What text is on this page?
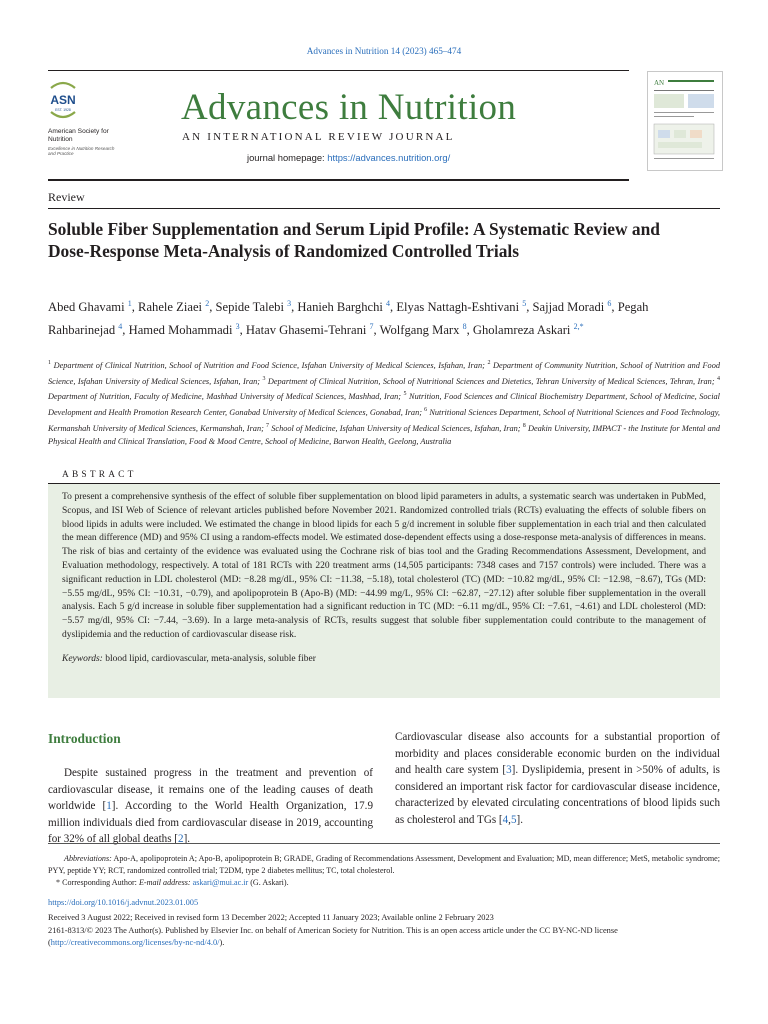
Advances in Nutrition 14 (2023) 465–474
ASN
EST. 1928
American Society for Nutrition
Excellence in Nutrition Research and Practice
Advances in Nutrition
AN INTERNATIONAL REVIEW JOURNAL
journal homepage: https://advances.nutrition.org/
AN
Review
Soluble Fiber Supplementation and Serum Lipid Profile: A Systematic Review and Dose-Response Meta-Analysis of Randomized Controlled Trials
Abed Ghavami $^1$, Rahele Ziaei $^2$, Sepide Talebi $^3$, Hanieh Barghchi $^4$, Elyas Nattagh-Eshtivani $^5$, Sajjad Moradi $^6$, Pegah Rahbarinejad $^4$, Hamed Mohammadi $^3$, Hatav Ghasemi-Tehrani $^7$, Wolfgang Marx $^8$, Gholamreza Askari $^{2,*}$
$^1$ Department of Clinical Nutrition, School of Nutrition and Food Science, Isfahan University of Medical Sciences, Isfahan, Iran; $^2$ Department of Community Nutrition, School of Nutrition and Food Science, Isfahan University of Medical Sciences, Isfahan, Iran; $^3$ Department of Clinical Nutrition, School of Nutritional Sciences and Dietetics, Tehran University of Medical Sciences, Tehran, Iran; $^4$ Department of Nutrition, Faculty of Medicine, Mashhad University of Medical Sciences, Mashhad, Iran; $^5$ Nutrition, Food Sciences and Clinical Biochemistry Department, School of Medicine, Social Development and Health Promotion Research Center, Gonabad University of Medical Sciences, Gonabad, Iran; $^6$ Nutritional Sciences Department, School of Nutritional Sciences and Food Technology, Kermanshah University of Medical Sciences, Kermanshah, Iran; $^7$ School of Medicine, Isfahan University of Medical Sciences, Isfahan, Iran; $^8$ Deakin University, IMPACT - the Institute for Mental and Physical Health and Clinical Translation, Food & Mood Centre, School of Medicine, Barwon Health, Geelong, Australia
ABSTRACT
To present a comprehensive synthesis of the effect of soluble fiber supplementation on blood lipid parameters in adults, a systematic search was undertaken in PubMed, Scopus, and ISI Web of Science of relevant articles published before November 2021. Randomized controlled trials (RCTs) evaluating the effects of soluble fibers on blood lipids in adults were included. We estimated the change in blood lipids for each 5 g/d increment in soluble fiber supplementation in each trial and then calculated the mean difference (MD) and 95% CI using a random-effects model. We estimated dose-dependent effects using a dose-response meta-analysis of differences in means. The risk of bias and certainty of the evidence was evaluated using the Cochrane risk of bias tool and the Grading Recommendations Assessment, Development, and Evaluation methodology, respectively. A total of 181 RCTs with 220 treatment arms (14,505 participants: 7348 cases and 7157 controls) were included. There was a significant reduction in LDL cholesterol (MD: −8.28 mg/dL, 95% CI: −11.38, −5.18), total cholesterol (TC) (MD: −10.82 mg/dL, 95% CI: −12.98, −8.67), TGs (MD: −5.55 mg/dL, 95% CI: −10.31, −0.79), and apolipoprotein B (Apo-B) (MD: −44.99 mg/L, 95% CI: −62.87, −27.12) after soluble fiber supplementation in the overall analysis. Each 5 g/d increase in soluble fiber supplementation had a significant reduction in TC (MD: −6.11 mg/dL, 95% CI: −7.61, −4.61) and LDL cholesterol (MD: −5.57 mg/dl, 95% CI: −7.44, −3.69). In a large meta-analysis of RCTs, results suggest that soluble fiber supplementation could contribute to the management of dyslipidemia and the reduction of cardiovascular disease risk.
Keywords: blood lipid, cardiovascular, meta-analysis, soluble fiber
Introduction
Despite sustained progress in the treatment and prevention of cardiovascular disease, it remains one of the leading causes of death worldwide [1]. According to the World Health Organization, 17.9 million individuals died from cardiovascular disease in 2019, accounting for 32% of all global deaths [2].
Cardiovascular disease also accounts for a substantial proportion of morbidity and places considerable economic burden on the individual and health care system [3]. Dyslipidemia, present in >50% of adults, is considered an important risk factor for cardiovascular disease incidence, characterized by elevated circulating concentrations of blood lipids such as cholesterol and TGs [4,5].
Abbreviations: Apo-A, apolipoprotein A; Apo-B, apolipoprotein B; GRADE, Grading of Recommendations Assessment, Development and Evaluation; MD, mean difference; MetS, metabolic syndrome; PYY, peptide YY; RCT, randomized controlled trial; T2DM, type 2 diabetes mellitus; TC, total cholesterol.
* Corresponding Author: E-mail address: askari@mui.ac.ir (G. Askari).
https://doi.org/10.1016/j.advnut.2023.01.005
Received 3 August 2022; Received in revised form 13 December 2022; Accepted 11 January 2023; Available online 2 February 2023
2161-8313/© 2023 The Author(s). Published by Elsevier Inc. on behalf of American Society for Nutrition. This is an open access article under the CC BY-NC-ND license (http://creativecommons.org/licenses/by-nc-nd/4.0/).
